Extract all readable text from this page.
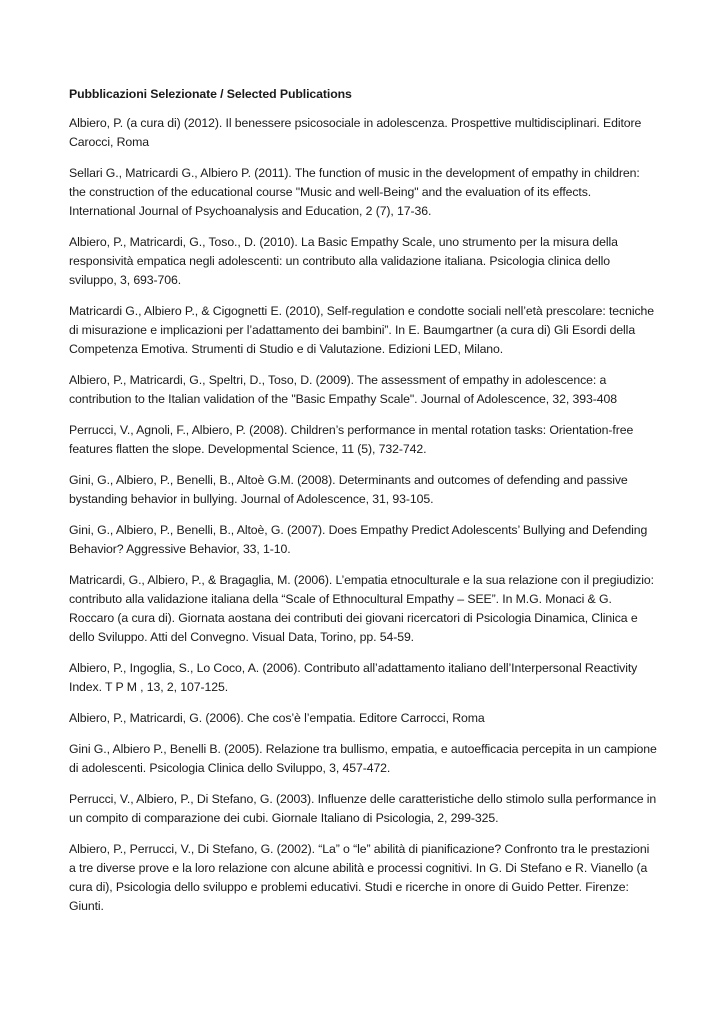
Pubblicazioni Selezionate / Selected Publications

Albiero, P. (a cura di) (2012). Il benessere psicosociale in adolescenza. Prospettive multidisciplinari. Editore Carocci, Roma

Sellari G., Matricardi G., Albiero P. (2011). The function of music in the development of empathy in children: the construction of the educational course "Music and well-Being" and the evaluation of its effects. International Journal of Psychoanalysis and Education, 2 (7), 17-36.

Albiero, P., Matricardi, G., Toso., D. (2010). La Basic Empathy Scale, uno strumento per la misura della responsività empatica negli adolescenti: un contributo alla validazione italiana. Psicologia clinica dello sviluppo, 3, 693-706.

Matricardi G., Albiero P., & Cigognetti E. (2010), Self-regulation e condotte sociali nell’età prescolare: tecniche di misurazione e implicazioni per l’adattamento dei bambini”. In E. Baumgartner (a cura di) Gli Esordi della Competenza Emotiva. Strumenti di Studio e di Valutazione. Edizioni LED, Milano.

Albiero, P., Matricardi, G., Speltri, D., Toso, D. (2009). The assessment of empathy in adolescence: a contribution to the Italian validation of the "Basic Empathy Scale". Journal of Adolescence, 32, 393-408

Perrucci, V., Agnoli, F., Albiero, P. (2008). Children’s performance in mental rotation tasks: Orientation-free features flatten the slope. Developmental Science, 11 (5), 732-742.

Gini, G., Albiero, P., Benelli, B., Altoè G.M. (2008). Determinants and outcomes of defending and passive bystanding behavior in bullying. Journal of Adolescence, 31, 93-105.

Gini, G., Albiero, P., Benelli, B., Altoè, G. (2007). Does Empathy Predict Adolescents’ Bullying and Defending Behavior? Aggressive Behavior, 33, 1-10.

Matricardi, G., Albiero, P., & Bragaglia, M. (2006). L’empatia etnoculturale e la sua relazione con il pregiudizio: contributo alla validazione italiana della “Scale of Ethnocultural Empathy – SEE”. In M.G. Monaci & G. Roccaro (a cura di). Giornata aostana dei contributi dei giovani ricercatori di Psicologia Dinamica, Clinica e dello Sviluppo. Atti del Convegno. Visual Data, Torino, pp. 54-59.

Albiero, P., Ingoglia, S., Lo Coco, A. (2006). Contributo all’adattamento italiano dell’Interpersonal Reactivity Index. T P M , 13, 2, 107-125.

Albiero, P., Matricardi, G. (2006). Che cos’è l’empatia. Editore Carrocci, Roma

Gini G., Albiero P., Benelli B. (2005). Relazione tra bullismo, empatia, e autoefficacia percepita in un campione di adolescenti. Psicologia Clinica dello Sviluppo, 3, 457-472.

Perrucci, V., Albiero, P., Di Stefano, G. (2003). Influenze delle caratteristiche dello stimolo sulla performance in un compito di comparazione dei cubi. Giornale Italiano di Psicologia, 2, 299-325.

Albiero, P., Perrucci, V., Di Stefano, G. (2002). “La” o “le” abilità di pianificazione? Confronto tra le prestazioni a tre diverse prove e la loro relazione con alcune abilità e processi cognitivi. In G. Di Stefano e R. Vianello (a cura di), Psicologia dello sviluppo e problemi educativi. Studi e ricerche in onore di Guido Petter. Firenze: Giunti.
